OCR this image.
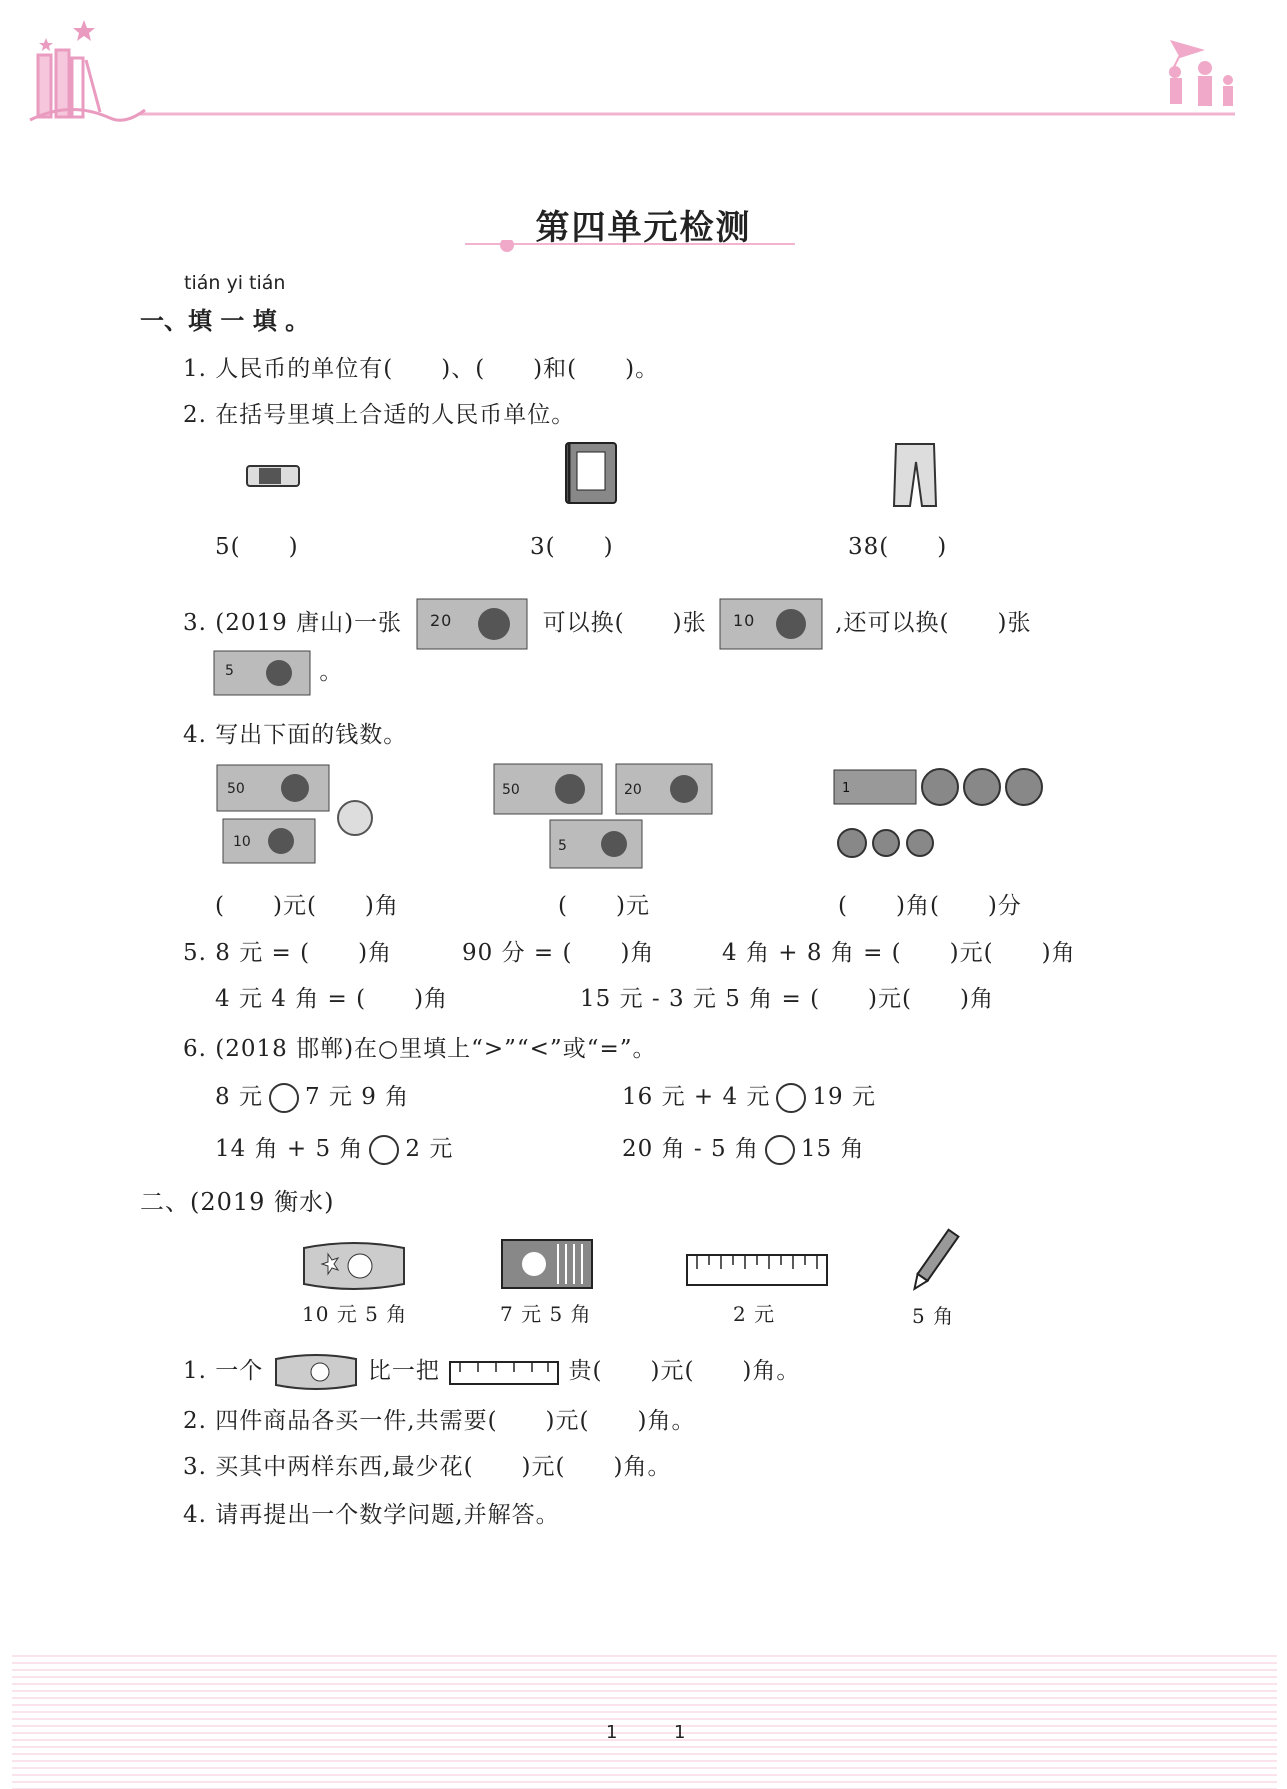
第四单元检测
tián yi tián
一、填 一 填 。
1. 人民币的单位有(　　)、(　　)和(　　)。
2. 在括号里填上合适的人民币单位。
5(　　)	3(　　)	38(　　)
3. (2019 唐山)一张 20	可以换(　　)张 10	,还可以换(　　)张
5	。
4. 写出下面的钱数。
50
10
50	20
5
1
(　　)元(　　)角	(　　)元	(　　)角(　　)分
5. 8 元 = (　　)角	90 分 = (　　)角	4 角 + 8 角 = (　　)元(　　)角
4 元 4 角 = (　　)角	15 元 - 3 元 5 角 = (　　)元(　　)角
6. (2018 邯郸)在○里填上“>”“<”或“=”。
8 元 7 元 9 角	16 元 + 4 元 19 元
14 角 + 5 角 2 元	20 角 - 5 角 15 角
二、(2019 衡水)
10 元 5 角	7 元 5 角	2 元	5 角
1. 一个	比一把	贵(　　)元(　　)角。
2. 四件商品各买一件,共需要(　　)元(　　)角。
3. 买其中两样东西,最少花(　　)元(　　)角。
4. 请再提出一个数学问题,并解答。
1	1
